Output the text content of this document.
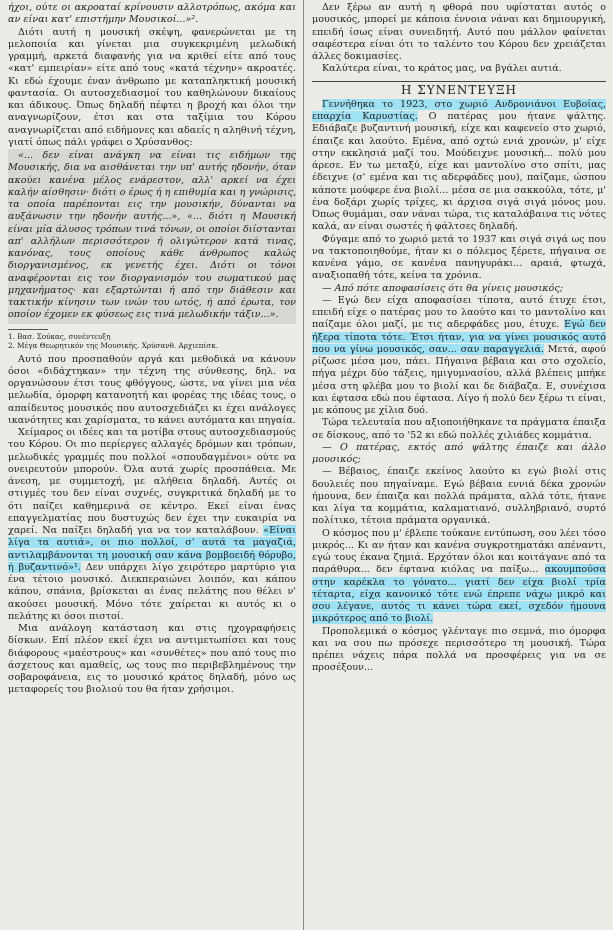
ήχοι, ούτε οι ακροαταί κρίνουσιν αλλοτρόπως, ακόμα και αν είναι κατ' επιστήμην Μουσικοί...»².

Διότι αυτή η μουσική σκέψη, φανερώνεται με τη μελοποιία και γίνεται μια συγκεκριμένη μελωδική γραμμή, αρκετά διαφανής για να κριθεί είτε από τους «κατ' εμπειρίαν» είτε από τους «κατά τέχνην» ακροατές. Κι εδώ έχουμε έναν άνθρωπο με καταπληκτική μουσική φαντασία. Οι αυτοσχεδιασμοί του καθηλώνουν δικαίους και άδικους. Όπως δηλαδή πέφτει η βροχή και όλοι την αναγνωρίζουν, έτσι και στα ταξίμια του Κόρου αναγνωρίζεται από ειδήμονες και αδαείς η αληθινή τέχνη, γιατί όπως πάλι γράφει ο Χρύσανθος:

«... δεν είναι ανάγκη να είναι τις ειδήμων της Μουσικής, δια να αισθάνεται την υπ' αυτής ηδονήν, όταν ακούει κανένα μέλος ενάρεστον, αλλ' αρκεί να έχει καλήν αίσθησιν· διότι ο έρως ή η επιθυμία και η γνώρισις, τα οποία παρέπονται εις την μουσικήν, δύνανται να αυξάνωσιν την ηδονήν αυτής...», «... διότι η Μουσική είναι μία άλυσος τρόπων τινά τόνων, οι οποίοι διίστανται απ' αλλήλων περισσότερον ή ολιγώτερον κατά τινας, κανόνας, τους οποίους κάθε άνθρωπος καλώς διοργανισμένος, εκ γενετής έχει. Διότι οι τόνοι αναφέρονται εις τον διοργανισμόν του σωματικού μας μηχανήματος· και εξαρτώνται ή από την διάθεσιν και τακτικήν κίνησιν των ινών του ωτός, ή από έρωτα, τον οποίον έχομεν εκ φύσεως εις τινά μελωδικήν τάξιν...».

1. Βασ. Σούκας, συνέντευξη

2. Μέγα Θεωρητικόν της Μουσικής. Χρύσανθ. Αρχιεπίσκ.

Αυτό που προσπαθούν αργά και μεθοδικά να κάνουν όσοι «διδάχτηκαν» την τέχνη της σύνθεσης, δηλ. να οργανώσουν έτσι τους φθόγγους, ώστε, να γίνει μια νέα μελωδία, όμορφη κατανοητή και φορέας της ιδέας τους, ο απαίδευτος μουσικός που αυτοσχεδιάζει κι έχει ανάλογες ικανότητες και χαρίσματα, το κάνει αυτόματα και πηγαία.

Χείμαρος οι ιδέες και τα μοτίβα στους αυτοσχεδιασμούς του Κόρου. Οι πιο περίεργες αλλαγές δρόμων και τρόπων, μελωδικές γραμμές που πολλοί «σπουδαγμένοι» ούτε να ονειρευτούν μπορούν. Όλα αυτά χωρίς προσπάθεια. Με άνεση, με συμμετοχή, με αλήθεια δηλαδή. Αυτές οι στιγμές του δεν είναι συχνές, συγκριτικά δηλαδή με το ότι παίζει καθημερινά σε κέντρο. Εκεί είναι ένας επαγγελματίας που δυστυχώς δεν έχει την ευκαιρία να χαρεί. Να παίξει δηλαδή για να τον καταλάβουν. «Είναι λίγα τα αυτιά», οι πιο πολλοί, σ' αυτά τα μαγαζιά, αντιλαμβάνονται τη μουσική σαν κάνα βομβοειδή θόρυβο, ή βυζαντινό»¹. Δεν υπάρχει λίγο χειρότερο μαρτύριο για ένα τέτοιο μουσικό. Διεκπεραιώνει λοιπόν, και κάπου κάπου, σπάνια, βρίσκεται αι ένας πελάτης που θέλει ν' ακούσει μουσική. Μόνο τότε χαίρεται κι αυτός κι ο πελάτης κι όσοι πιστοί.

Μια ανάλογη κατάσταση και στις ηχογραφήσεις δίσκων. Επί πλέον εκεί έχει να αντιμετωπίσει και τους διάφορους «μαέστρους» και «συνθέτες» που από τους πιο άσχετους και αμαθείς, ως τους πιο περιβεβλημένους την σοβαροφάνεια, εις το μουσικό κράτος δηλαδή, μόνο ως μεταφορείς του βιολιού του θα ήταν χρήσιμοι.

Δεν ξέρω αν αυτή η φθορά που υφίσταται αυτός ο μουσικός, μπορεί με κάποια έννοια νάναι και δημιουργική, επειδή ίσως είναι συνειδητή. Αυτό που μάλλον φαίνεται σαφέστερα είναι ότι το ταλέντο του Κόρου δεν χρειάζεται άλλες δοκιμασίες.

Καλύτερα είναι, το κράτος μας, να βγάλει αυτιά.

Η ΣΥΝΕΝΤΕΥΞΗ

Γεννήθηκα το 1923, στο χωριό Ανδρονιάνοι Ευβοίας, επαρχία Καρυστίας. Ο πατέρας μου ήτανε ψάλτης. Εδιάβαζε βυζαντινή μουσική, είχε και καφενείο στο χωριό, έπαιζε και λαούτο. Εμένα, από οχτώ ενιά χρονών, μ' είχε στην εκκλησιά μαζί του. Μούδειχνε μουσική... πολύ μου άρεσε. Εν τω μεταξύ, είχε και μαντολίνο στο σπίτι, μας έδειχνε (σ' εμένα και τις αδερφάδες μου), παίζαμε, ώσπου κάποτε μούφερε ένα βιολί... μέσα σε μια σακκούλα, τότε, μ' ένα δοξάρι χωρίς τρίχες, κι άρχισα σιγά σιγά μόνος μου. Όπως θυμάμαι, σαν νάναι τώρα, τις καταλάβαινα τις νότες καλά, αν είναι σωστές ή φάλτσες δηλαδή.

Φύγαμε από το χωριό μετά το 1937 και σιγά σιγά ως που να τακτοποιηθούμε, ήταν κι ο πόλεμος ξέρετε, πήγαινα σε κανένα γάμο, σε κανένα πανηγυράκι... αραιά, φτωχά, αναξιοπαθή τότε, κείνα τα χρόνια.

— Από πότε αποφασίσεις ότι θα γίνεις μουσικός;

— Εγώ δεν είχα αποφασίσει τίποτα, αυτό έτυχε έτσι, επειδή είχε ο πατέρας μου το λαούτο και το μαντολίνο και παίζαμε όλοι μαζί, με τις αδερφάδες μου, έτυχε. Εγώ δεν ήξερα τίποτα τότε. Έτσι ήταν, για να γίνει μουσικός αυτό που να γίνω μουσικός, σαν... σαν παραγγελιά. Μετά, αφού ρίζωσε μέσα μου, πάει. Πήγαινα βέβαια και στο σχολείο, πήγα μέχρι δύο τάξεις, ημιγυμνασίου, αλλά βλέπεις μπήκε μέσα στη φλέβα μου το βιολί και δε διάβαζα. Ε, συνέχισα και έφτασα εδώ που έφτασα. Λίγο ή πολύ δεν ξέρω τι είναι, με κόπους με χίλια δυό.

Τώρα τελευταία που αξιοποιήθηκανε τα πράγματα έπαιξα σε δίσκους, από το '52 κι εδώ πολλές χιλιάδες κομμάτια.

— Ο πατέρας, εκτός από ψάλτης έπαιζε και άλλο μουσικός;

— Βέβαιος, έπαιζε εκείνος λαούτο κι εγώ βιολί στις δουλειές που πηγαίναμε. Εγώ βέβαια εννιά δέκα χρονών ήμουνα, δεν έπαιζα και πολλά πράματα, αλλά τότε, ήτανε και λίγα τα κομμάτια, καλαματιανό, συλληβριανό, συρτό πολίτικο, τέτοια πράματα οργανικά.

Ο κόσμος που μ' έβλεπε τούκανε εντύπωση, σου λέει τόσο μικρός... Κι αν ήταν και κανένα συγκροτηματάκι απέναντι, εγώ τους έκανα ζημιά. Ερχόταν όλοι και κοιτάγανε από τα παράθυρα... δεν έφτανα κιόλας να παίξω... ακουμπούσα στην καρέκλα το γόνατο... γιατί δεν είχα βιολί τρία τέταρτα, είχα κανονικό τότε ενώ έπρεπε νάχω μικρό και σου λέγανε, αυτός τι κάνει τώρα εκεί, σχεδόν ήμουνα μικρότερος από το βιολί.

Προπολεμικά ο κόσμος γλένταγε πιο σεμνά, πιο όμορφα και να σου πω πρόσεχε περισσότερο τη μουσική. Τώρα πρέπει νάχεις πάρα πολλά να προσφέρεις για να σε προσέξουν...
